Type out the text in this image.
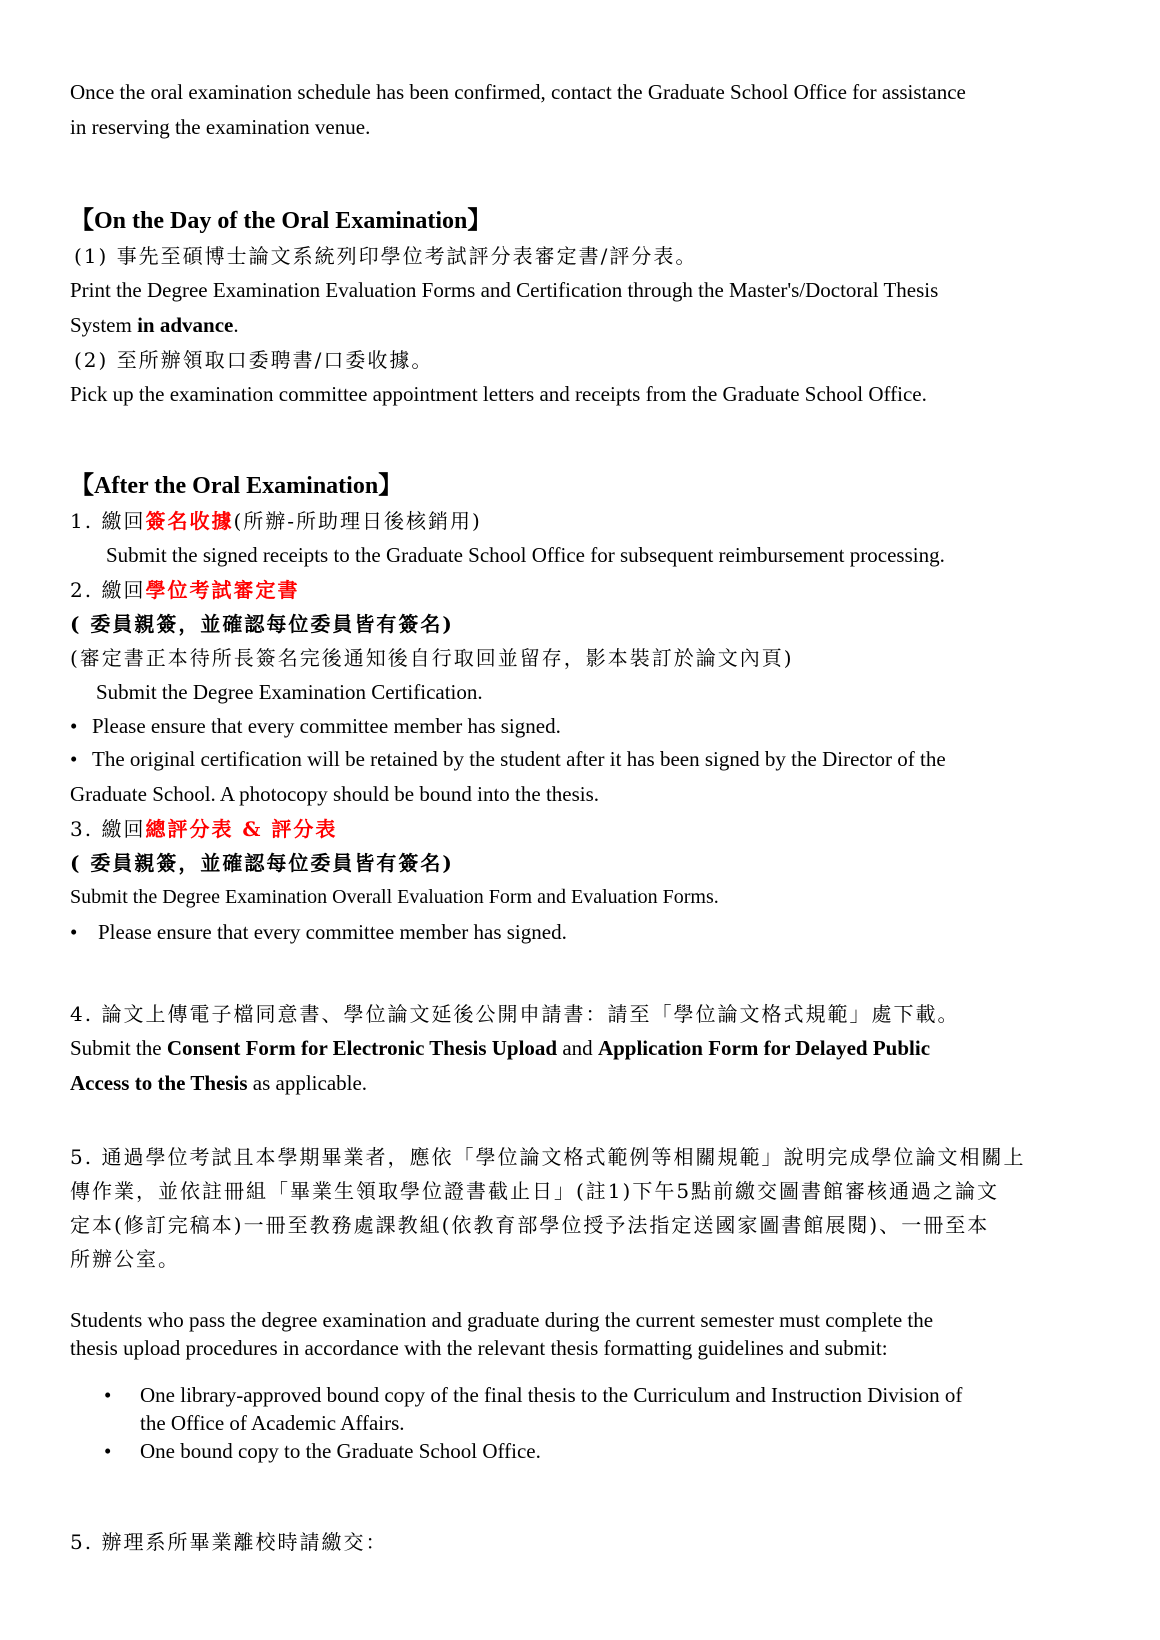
Once the oral examination schedule has been confirmed, contact the Graduate School Office for assistance

in reserving the examination venue.

【On the Day of the Oral Examination】

(1) 事先至碩博士論文系統列印學位考試評分表審定書/評分表。

Print the Degree Examination Evaluation Forms and Certification through the Master's/Doctoral Thesis

System in advance.

(2) 至所辦領取口委聘書/口委收據。

Pick up the examination committee appointment letters and receipts from the Graduate School Office.

【After the Oral Examination】

1. 繳回簽名收據(所辦-所助理日後核銷用)

Submit the signed receipts to the Graduate School Office for subsequent reimbursement processing.

2. 繳回學位考試審定書

( 委員親簽，並確認每位委員皆有簽名)

(審定書正本待所長簽名完後通知後自行取回並留存，影本裝訂於論文內頁)

Submit the Degree Examination Certification.

• Please ensure that every committee member has signed.

• The original certification will be retained by the student after it has been signed by the Director of the

Graduate School. A photocopy should be bound into the thesis.

3. 繳回總評分表 & 評分表

( 委員親簽，並確認每位委員皆有簽名)

Submit the Degree Examination Overall Evaluation Form and Evaluation Forms.

• Please ensure that every committee member has signed.

4. 論文上傳電子檔同意書、學位論文延後公開申請書：請至「學位論文格式規範」處下載。

Submit the Consent Form for Electronic Thesis Upload and Application Form for Delayed Public

Access to the Thesis as applicable.

5. 通過學位考試且本學期畢業者，應依「學位論文格式範例等相關規範」說明完成學位論文相關上

傳作業，並依註冊組「畢業生領取學位證書截止日」(註1)下午5點前繳交圖書館審核通過之論文

定本(修訂完稿本)一冊至教務處課教組(依教育部學位授予法指定送國家圖書館展閱)、一冊至本

所辦公室。

Students who pass the degree examination and graduate during the current semester must complete the

thesis upload procedures in accordance with the relevant thesis formatting guidelines and submit:

• One library-approved bound copy of the final thesis to the Curriculum and Instruction Division of

the Office of Academic Affairs.

• One bound copy to the Graduate School Office.

5. 辦理系所畢業離校時請繳交：
